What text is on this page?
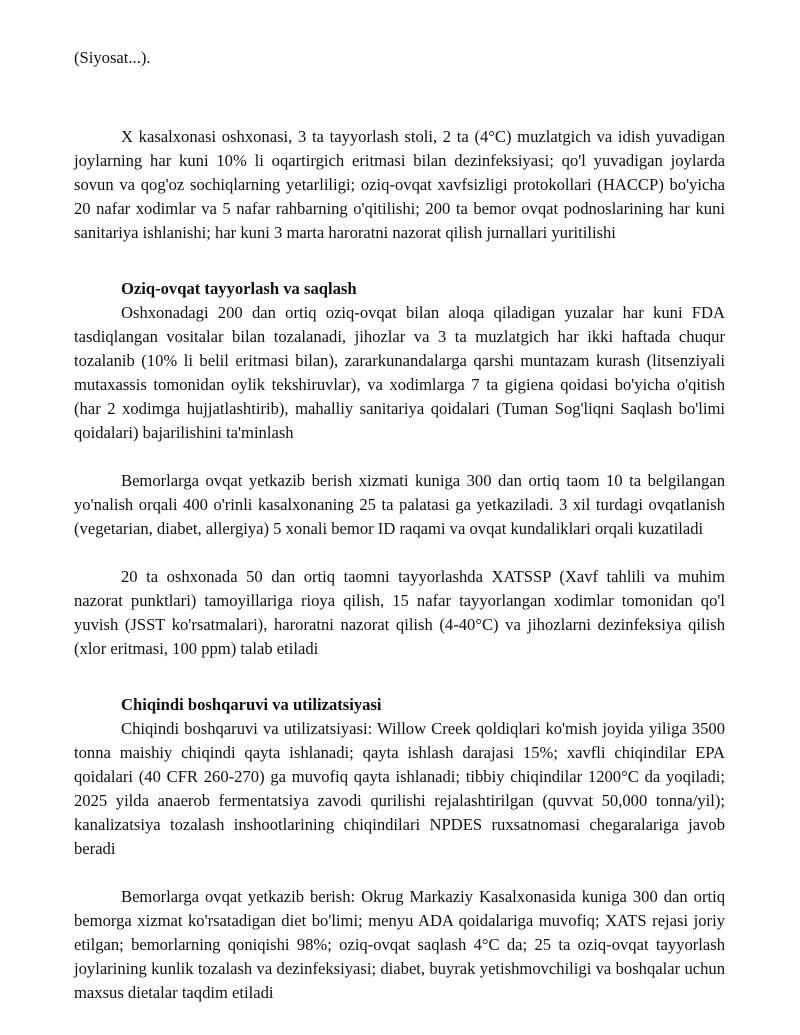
(Siyosat...).

X kasalxonasi oshxonasi, 3 ta tayyorlash stoli, 2 ta (4°C) muzlatgich va idish yuvadigan joylarning har kuni 10% li oqartirgich eritmasi bilan dezinfeksiyasi; qo'l yuvadigan joylarda sovun va qog'oz sochiqlarning yetarliligi; oziq-ovqat xavfsizligi protokollari (HACCP) bo'yicha 20 nafar xodimlar va 5 nafar rahbarning o'qitilishi; 200 ta bemor ovqat podnoslarining har kuni sanitariya ishlanishi; har kuni 3 marta haroratni nazorat qilish jurnallari yuritilishi

Oziq-ovqat tayyorlash va saqlash

Oshxonadagi 200 dan ortiq oziq-ovqat bilan aloqa qiladigan yuzalar har kuni FDA tasdiqlangan vositalar bilan tozalanadi, jihozlar va 3 ta muzlatgich har ikki haftada chuqur tozalanib (10% li belil eritmasi bilan), zararkunandalarga qarshi muntazam kurash (litsenziyali mutaxassis tomonidan oylik tekshiruvlar), va xodimlarga 7 ta gigiena qoidasi bo'yicha o'qitish (har 2 xodimga hujjatlashtirib), mahalliy sanitariya qoidalari (Tuman Sog'liqni Saqlash bo'limi qoidalari) bajarilishini ta'minlash

Bemorlarga ovqat yetkazib berish xizmati kuniga 300 dan ortiq taom 10 ta belgilangan yo'nalish orqali 400 o'rinli kasalxonaning 25 ta palatasi ga yetkaziladi. 3 xil turdagi ovqatlanish (vegetarian, diabet, allergiya) 5 xonali bemor ID raqami va ovqat kundaliklari orqali kuzatiladi

20 ta oshxonada 50 dan ortiq taomni tayyorlashda XATSSP (Xavf tahlili va muhim nazorat punktlari) tamoyillariga rioya qilish, 15 nafar tayyorlangan xodimlar tomonidan qo'l yuvish (JSST ko'rsatmalari), haroratni nazorat qilish (4-40°C) va jihozlarni dezinfeksiya qilish (xlor eritmasi, 100 ppm) talab etiladi

Chiqindi boshqaruvi va utilizatsiyasi

Chiqindi boshqaruvi va utilizatsiyasi: Willow Creek qoldiqlari ko'mish joyida yiliga 3500 tonna maishiy chiqindi qayta ishlanadi; qayta ishlash darajasi 15%; xavfli chiqindilar EPA qoidalari (40 CFR 260-270) ga muvofiq qayta ishlanadi; tibbiy chiqindilar 1200°C da yoqiladi; 2025 yilda anaerob fermentatsiya zavodi qurilishi rejalashtirilgan (quvvat 50,000 tonna/yil); kanalizatsiya tozalash inshootlarining chiqindilari NPDES ruxsatnomasi chegaralariga javob beradi

Bemorlarga ovqat yetkazib berish: Okrug Markaziy Kasalxonasida kuniga 300 dan ortiq bemorga xizmat ko'rsatadigan diet bo'limi; menyu ADA qoidalariga muvofiq; XATS rejasi joriy etilgan; bemorlarning qoniqishi 98%; oziq-ovqat saqlash 4°C da; 25 ta oziq-ovqat tayyorlash joylarining kunlik tozalash va dezinfeksiyasi; diabet, buyrak yetishmovchiligi va boshqalar uchun maxsus dietalar taqdim etiladi
